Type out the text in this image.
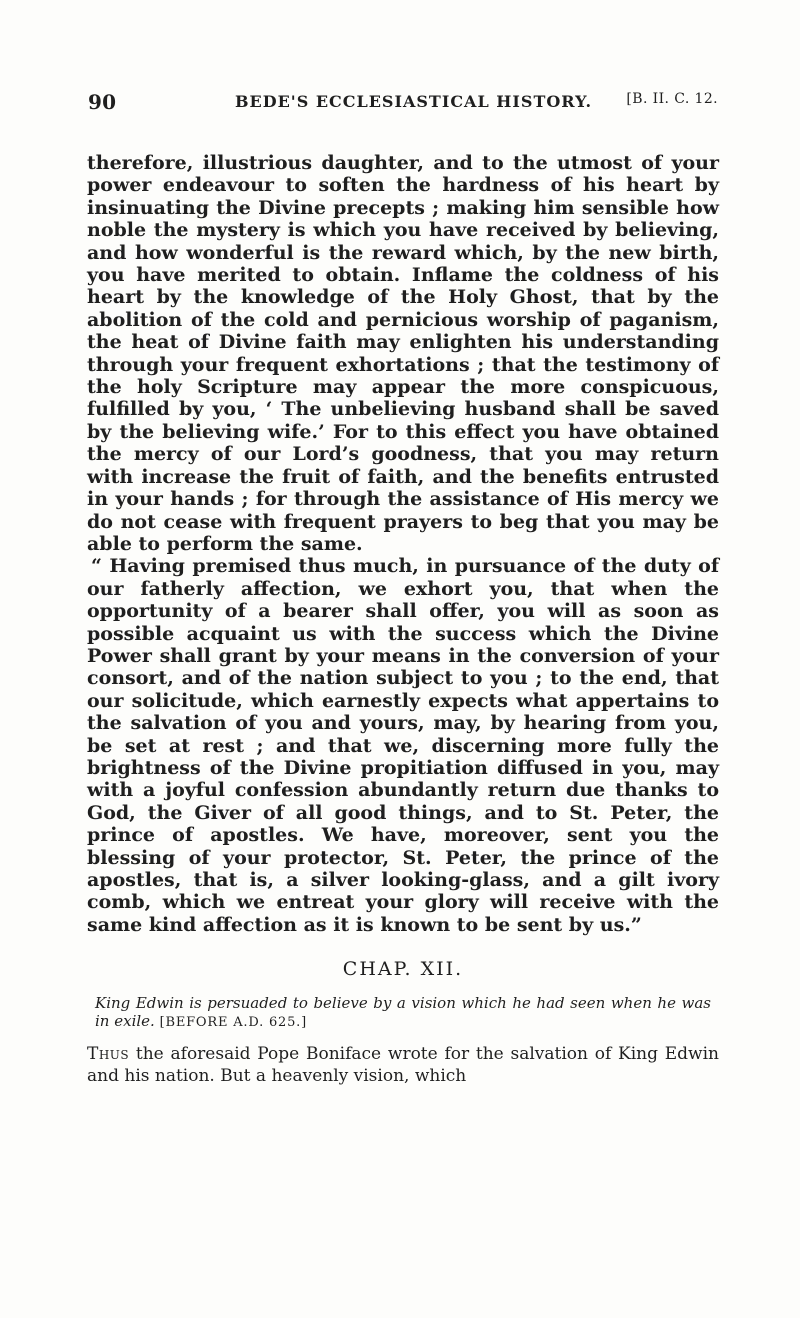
90	BEDE'S ECCLESIASTICAL HISTORY. [B. II. C. 12.

therefore, illustrious daughter, and to the utmost of your power endeavour to soften the hardness of his heart by insinuating the Divine precepts ; making him sensible how noble the mystery is which you have received by believing, and how wonderful is the reward which, by the new birth, you have merited to obtain. Inflame the coldness of his heart by the knowledge of the Holy Ghost, that by the abolition of the cold and pernicious worship of paganism, the heat of Divine faith may enlighten his understanding through your frequent exhortations ; that the testimony of the holy Scripture may appear the more conspicuous, fulfilled by you, ‘ The unbelieving husband shall be saved by the believing wife.’ For to this effect you have obtained the mercy of our Lord’s goodness, that you may return with increase the fruit of faith, and the benefits entrusted in your hands ; for through the assistance of His mercy we do not cease with frequent prayers to beg that you may be able to perform the same.

“ Having premised thus much, in pursuance of the duty of our fatherly affection, we exhort you, that when the opportunity of a bearer shall offer, you will as soon as possible acquaint us with the success which the Divine Power shall grant by your means in the conversion of your consort, and of the nation subject to you ; to the end, that our solicitude, which earnestly expects what appertains to the salvation of you and yours, may, by hearing from you, be set at rest ; and that we, discerning more fully the brightness of the Divine propitiation diffused in you, may with a joyful confession abundantly return due thanks to God, the Giver of all good things, and to St. Peter, the prince of apostles. We have, moreover, sent you the blessing of your protector, St. Peter, the prince of the apostles, that is, a silver looking-glass, and a gilt ivory comb, which we entreat your glory will receive with the same kind affection as it is known to be sent by us.”

CHAP. XII.
King Edwin is persuaded to believe by a vision which he had seen when he was in exile. [BEFORE A.D. 625.]

Thus the aforesaid Pope Boniface wrote for the salvation of King Edwin and his nation. But a heavenly vision, which
